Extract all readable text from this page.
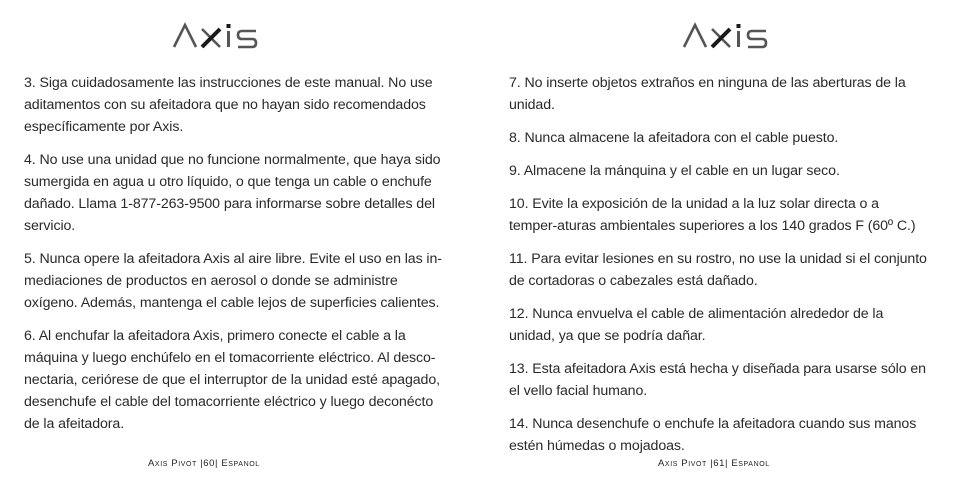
3. Siga cuidadosamente las instrucciones de este manual. No use aditamentos con su afeitadora que no hayan sido recomendados específicamente por Axis.

4. No use una unidad que no funcione normalmente, que haya sido sumergida en agua u otro líquido, o que tenga un cable o enchufe dañado. Llama 1-877-263-9500 para informarse sobre detalles del servicio.

5. Nunca opere la afeitadora Axis al aire libre. Evite el uso en las in-mediaciones de productos en aerosol o donde se administre oxígeno. Además, mantenga el cable lejos de superficies calientes.

6. Al enchufar la afeitadora Axis, primero conecte el cable a la máquina y luego enchúfelo en el tomacorriente eléctrico. Al desco-nectaria, ceriórese de que el interruptor de la unidad esté apagado, desenchufe el cable del tomacorriente eléctrico y luego deconécto de la afeitadora.

Axis Pivot |60| Espanol

7. No inserte objetos extraños en ninguna de las aberturas de la unidad.

8. Nunca almacene la afeitadora con el cable puesto.

9. Almacene la mánquina y el cable en un lugar seco.

10. Evite la exposición de la unidad a la luz solar directa o a temper-aturas ambientales superiores a los 140 grados F (60º C.)

11. Para evitar lesiones en su rostro, no use la unidad si el conjunto de cortadoras o cabezales está dañado.

12. Nunca envuelva el cable de alimentación alrededor de la unidad, ya que se podría dañar.

13. Esta afeitadora Axis está hecha y diseñada para usarse sólo en el vello facial humano.

14. Nunca desenchufe o enchufe la afeitadora cuando sus manos estén húmedas o mojadoas.

Axis Pivot |61| Espanol
